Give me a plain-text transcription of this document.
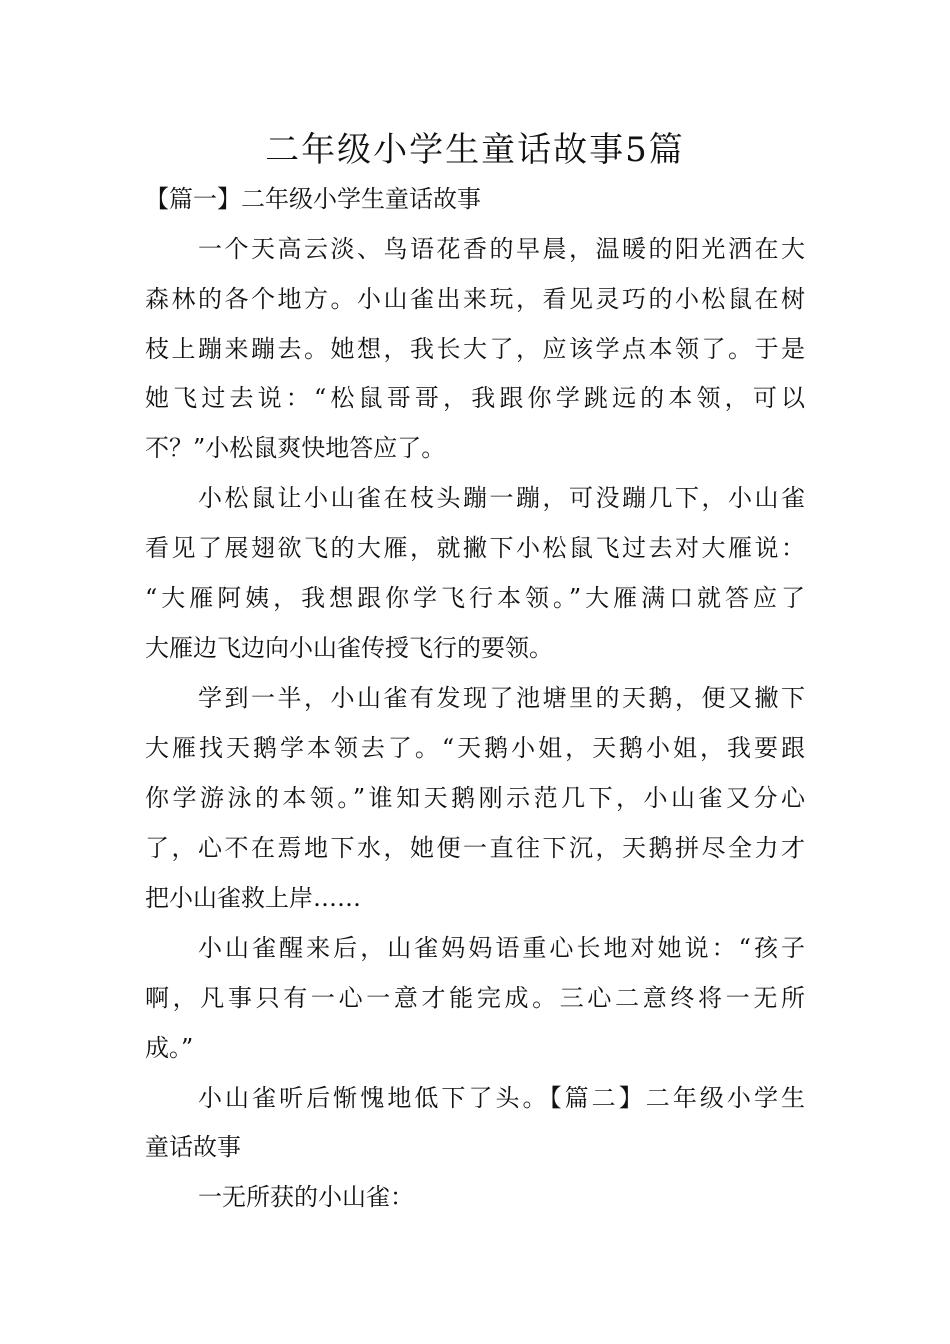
二年级小学生童话故事5篇

【篇一】二年级小学生童话故事

一个天高云淡、鸟语花香的早晨，温暖的阳光洒在大

森林的各个地方。小山雀出来玩，看见灵巧的小松鼠在树

枝上蹦来蹦去。她想，我长大了，应该学点本领了。于是

她飞过去说：“松鼠哥哥，我跟你学跳远的本领，可以

不？”小松鼠爽快地答应了。

小松鼠让小山雀在枝头蹦一蹦，可没蹦几下，小山雀

看见了展翅欲飞的大雁，就撇下小松鼠飞过去对大雁说：

“大雁阿姨，我想跟你学飞行本领。”大雁满口就答应了

大雁边飞边向小山雀传授飞行的要领。

学到一半，小山雀有发现了池塘里的天鹅，便又撇下

大雁找天鹅学本领去了。“天鹅小姐，天鹅小姐，我要跟

你学游泳的本领。”谁知天鹅刚示范几下，小山雀又分心

了，心不在焉地下水，她便一直往下沉，天鹅拼尽全力才

把小山雀救上岸……

小山雀醒来后，山雀妈妈语重心长地对她说：“孩子

啊，凡事只有一心一意才能完成。三心二意终将一无所

成。”

小山雀听后惭愧地低下了头。【篇二】二年级小学生

童话故事

一无所获的小山雀：
